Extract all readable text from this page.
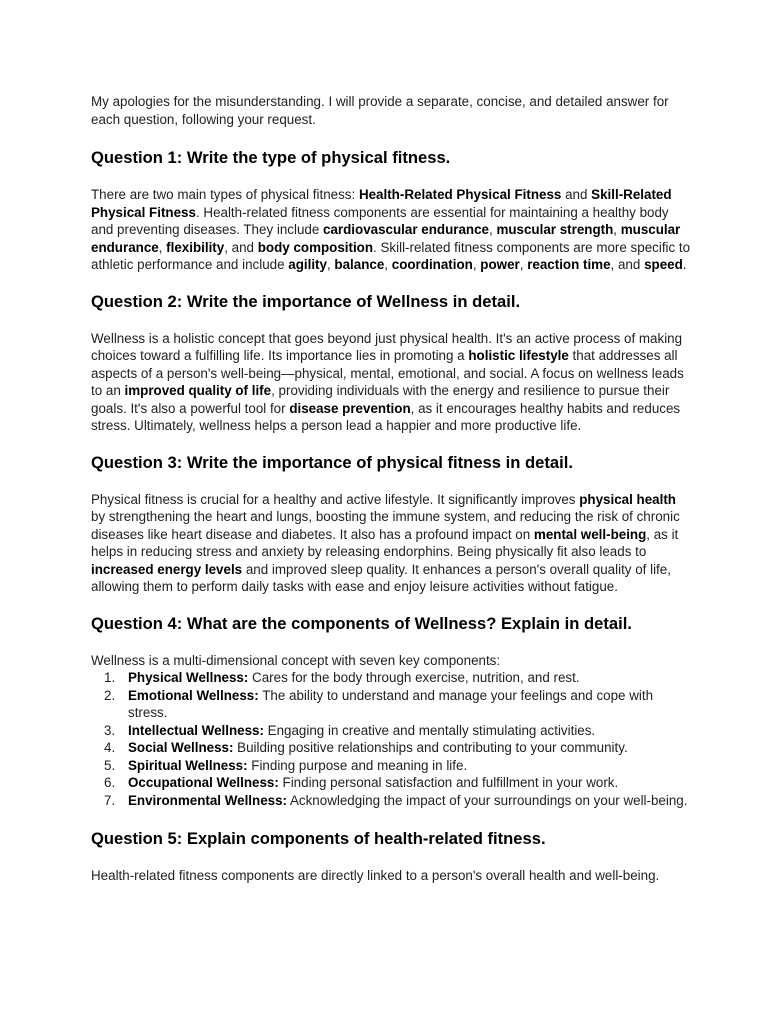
My apologies for the misunderstanding. I will provide a separate, concise, and detailed answer for each question, following your request.

Question 1: Write the type of physical fitness.

There are two main types of physical fitness: Health-Related Physical Fitness and Skill-Related Physical Fitness. Health-related fitness components are essential for maintaining a healthy body and preventing diseases. They include cardiovascular endurance, muscular strength, muscular endurance, flexibility, and body composition. Skill-related fitness components are more specific to athletic performance and include agility, balance, coordination, power, reaction time, and speed.

Question 2: Write the importance of Wellness in detail.

Wellness is a holistic concept that goes beyond just physical health. It's an active process of making choices toward a fulfilling life. Its importance lies in promoting a holistic lifestyle that addresses all aspects of a person's well-being—physical, mental, emotional, and social. A focus on wellness leads to an improved quality of life, providing individuals with the energy and resilience to pursue their goals. It's also a powerful tool for disease prevention, as it encourages healthy habits and reduces stress. Ultimately, wellness helps a person lead a happier and more productive life.

Question 3: Write the importance of physical fitness in detail.

Physical fitness is crucial for a healthy and active lifestyle. It significantly improves physical health by strengthening the heart and lungs, boosting the immune system, and reducing the risk of chronic diseases like heart disease and diabetes. It also has a profound impact on mental well-being, as it helps in reducing stress and anxiety by releasing endorphins. Being physically fit also leads to increased energy levels and improved sleep quality. It enhances a person's overall quality of life, allowing them to perform daily tasks with ease and enjoy leisure activities without fatigue.

Question 4: What are the components of Wellness? Explain in detail.

Wellness is a multi-dimensional concept with seven key components:

1. Physical Wellness: Cares for the body through exercise, nutrition, and rest.
2. Emotional Wellness: The ability to understand and manage your feelings and cope with stress.
3. Intellectual Wellness: Engaging in creative and mentally stimulating activities.
4. Social Wellness: Building positive relationships and contributing to your community.
5. Spiritual Wellness: Finding purpose and meaning in life.
6. Occupational Wellness: Finding personal satisfaction and fulfillment in your work.
7. Environmental Wellness: Acknowledging the impact of your surroundings on your well-being.
Question 5: Explain components of health-related fitness.

Health-related fitness components are directly linked to a person's overall health and well-being.
